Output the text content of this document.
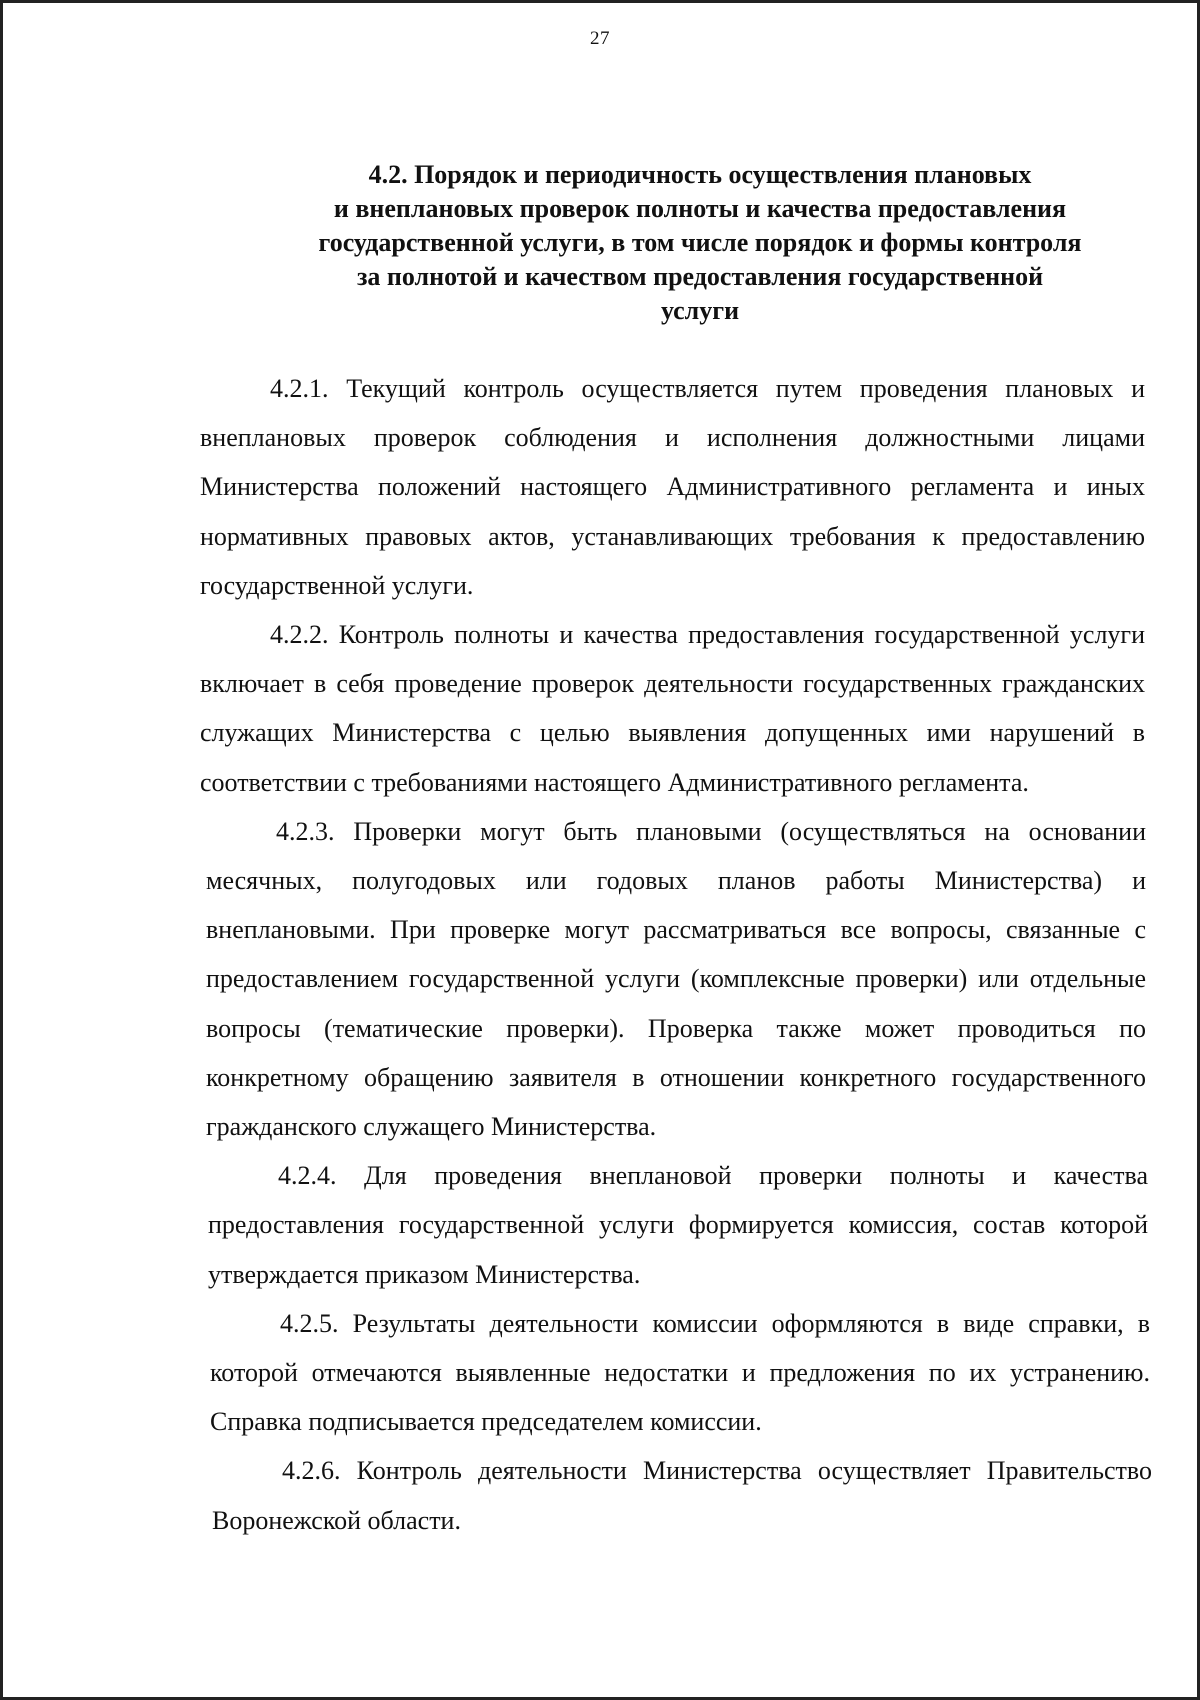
27
4.2. Порядок и периодичность осуществления плановых
и внеплановых проверок полноты и качества предоставления
государственной услуги, в том числе порядок и формы контроля
за полнотой и качеством предоставления государственной
услуги

4.2.1. Текущий контроль осуществляется путем проведения плановых и внеплановых проверок соблюдения и исполнения должностными лицами Министерства положений настоящего Административного регламента и иных нормативных правовых актов, устанавливающих требования к предоставлению государственной услуги.

4.2.2. Контроль полноты и качества предоставления государственной услуги включает в себя проведение проверок деятельности государственных гражданских служащих Министерства с целью выявления допущенных ими нарушений в соответствии с требованиями настоящего Административного регламента.

4.2.3. Проверки могут быть плановыми (осуществляться на основании месячных, полугодовых или годовых планов работы Министерства) и внеплановыми. При проверке могут рассматриваться все вопросы, связанные с предоставлением государственной услуги (комплексные проверки) или отдельные вопросы (тематические проверки). Проверка также может проводиться по конкретному обращению заявителя в отношении конкретного государственного гражданского служащего Министерства.

4.2.4. Для проведения внеплановой проверки полноты и качества предоставления государственной услуги формируется комиссия, состав которой утверждается приказом Министерства.

4.2.5. Результаты деятельности комиссии оформляются в виде справки, в которой отмечаются выявленные недостатки и предложения по их устранению. Справка подписывается председателем комиссии.

4.2.6. Контроль деятельности Министерства осуществляет Правительство Воронежской области.
